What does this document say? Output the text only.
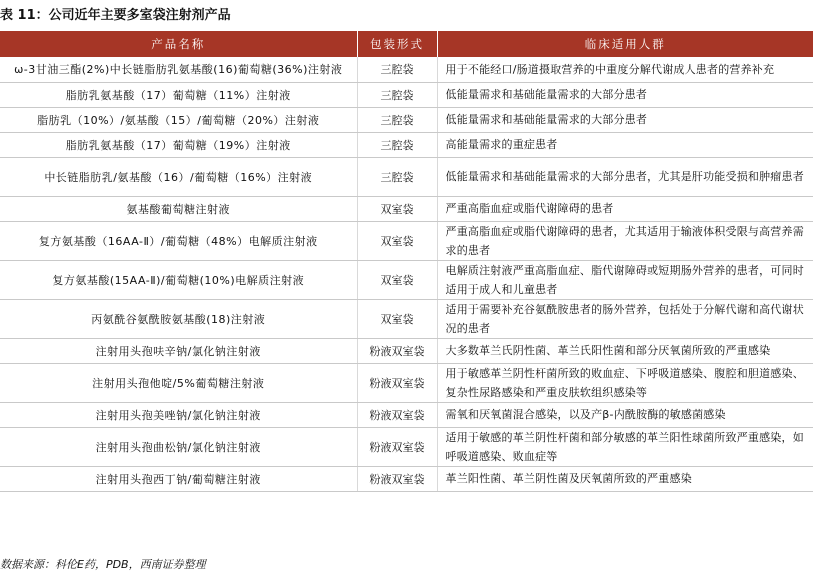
表 11：公司近年主要多室袋注射剂产品
产品名称	包装形式	临床适用人群
ω-3甘油三酯(2%)中长链脂肪乳氨基酸(16)葡萄糖(36%)注射液	三腔袋	用于不能经口/肠道摄取营养的中重度分解代谢成人患者的营养补充
脂肪乳氨基酸（17）葡萄糖（11%）注射液	三腔袋	低能量需求和基础能量需求的大部分患者
脂肪乳（10%）/氨基酸（15）/葡萄糖（20%）注射液	三腔袋	低能量需求和基础能量需求的大部分患者
脂肪乳氨基酸（17）葡萄糖（19%）注射液	三腔袋	高能量需求的重症患者
中长链脂肪乳/氨基酸（16）/葡萄糖（16%）注射液	三腔袋	低能量需求和基础能量需求的大部分患者，尤其是肝功能受损和肿瘤患者
氨基酸葡萄糖注射液	双室袋	严重高脂血症或脂代谢障碍的患者
复方氨基酸（16AA-Ⅱ）/葡萄糖（48%）电解质注射液	双室袋	严重高脂血症或脂代谢障碍的患者，尤其适用于输液体积受限与高营养需求的患者
复方氨基酸(15AA-Ⅱ)/葡萄糖(10%)电解质注射液	双室袋	电解质注射液严重高脂血症、脂代谢障碍或短期肠外营养的患者，可同时适用于成人和儿童患者
丙氨酰谷氨酰胺氨基酸(18)注射液	双室袋	适用于需要补充谷氨酰胺患者的肠外营养，包括处于分解代谢和高代谢状况的患者
注射用头孢呋辛钠/氯化钠注射液	粉液双室袋	大多数革兰氏阴性菌、革兰氏阳性菌和部分厌氧菌所致的严重感染
注射用头孢他啶/5%葡萄糖注射液	粉液双室袋	用于敏感革兰阴性杆菌所致的败血症、下呼吸道感染、腹腔和胆道感染、复杂性尿路感染和严重皮肤软组织感染等
注射用头孢美唑钠/氯化钠注射液	粉液双室袋	需氧和厌氧菌混合感染，以及产β-内酰胺酶的敏感菌感染
注射用头孢曲松钠/氯化钠注射液	粉液双室袋	适用于敏感的革兰阴性杆菌和部分敏感的革兰阳性球菌所致严重感染，如呼吸道感染、败血症等
注射用头孢西丁钠/葡萄糖注射液	粉液双室袋	革兰阳性菌、革兰阴性菌及厌氧菌所致的严重感染
数据来源：科伦E药，PDB，西南证券整理
